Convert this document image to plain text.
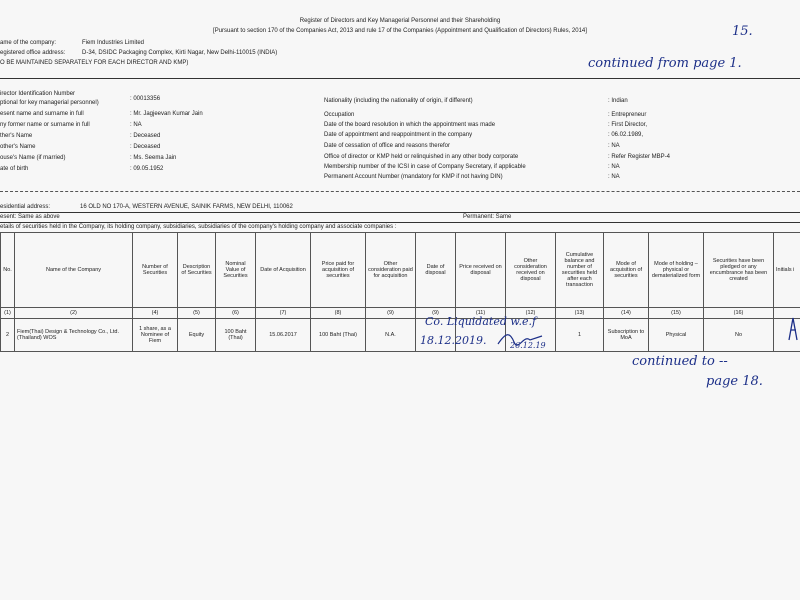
Register of Directors and Key Managerial Personnel and their Shareholding
[Pursuant to section 170 of the Companies Act, 2013 and rule 17 of the Companies (Appointment and Qualification of Directors) Rules, 2014]	15.
ame of the company:	Fiem Industries Limited
egistered office address:	D-34, DSIDC Packaging Complex, Kirti Nagar, New Delhi-110015 (INDIA)
O BE MAINTAINED SEPARATELY FOR EACH DIRECTOR AND KMP)	continued from page 1.
irector Identification Number
ptional for key managerial personnel)
: 00013356
esent name and surname in full	: Mr. Jagjeevan Kumar Jain
ny former name or surname in full	: NA
ther's Name	: Deceased
other's Name	: Deceased
ouse's Name (if married)	: Ms. Seema Jain
ate of birth	: 09.05.1952
Nationality (including the nationality of origin, if different)	: Indian
Occupation	: Entrepreneur
Date of the board resolution in which the appointment was made	: First Director,
Date of appointment and reappointment in the company	: 06.02.1989,
Date of cessation of office and reasons therefor	: NA
Office of director or KMP held or relinquished in any other body corporate	: Refer Register MBP-4
Membership number of the ICSI in case of Company Secretary, if applicable	: NA
Permanent Account Number (mandatory for KMP if not having DIN)	: NA
esidential address:	16 OLD NO 170-A, WESTERN AVENUE, SAINIK FARMS, NEW DELHI, 110062
esent: Same as above	Permanent: Same
etails of securities held in the Company, its holding company, subsidiaries, subsidiaries of the company's holding company and associate companies :
No.	Name of the Company	Number of Securities	Description of Securities	Nominal Value of Securities	Date of Acquisition	Price paid for acquisition of securities	Other consideration paid for acquisition	Date of disposal	Price received on disposal	Other consideration received on disposal	Cumulative balance and number of securities held after each transaction	Mode of acquisition of securities	Mode of holding – physical or dematerialized form	Securities have been pledged or any encumbrance has been created	Initials i
(1)	(2)	(4)	(5)	(6)	(7)	(8)	(9)	(9)	(11)	(12)	(13)	(14)	(15)	(16)	
2	Fiem(Thai) Design & Technology Co., Ltd. (Thailand) WOS	1 share, as a Nominee of Fiem	Equity	100 Baht (Thai)	15.06.2017	100 Baht (Thai)	N.A.				1	Subscription to MoA	Physical	No	
Co. Liquidated w.e.f
18.12.2019.	26.12.19
continued to --
page 18.
